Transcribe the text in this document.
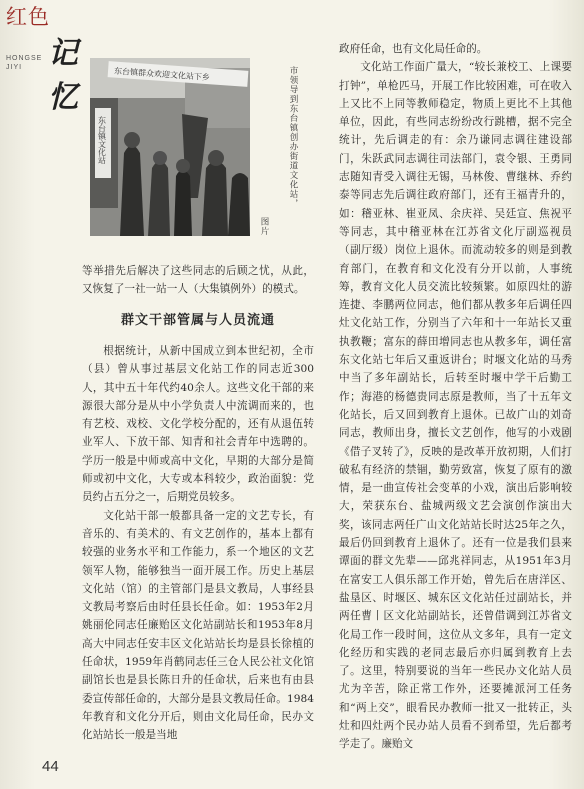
红色
记忆
HONGSE
JIYI	东台镇群众欢迎文化站下乡
东台镇文化站	市领导到东台镇创办街道文化站，
图片

等举措先后解决了这些同志的后顾之忧，从此，又恢复了一社一站一人（大集镇例外）的模式。

群文干部管属与人员流通

根据统计，从新中国成立到本世纪初，全市（县）曾从事过基层文化站工作的同志近300人，其中五十年代约40余人。这些文化干部的来源很大部分是从中小学负责人中流调而来的，也有艺校、戏校、文化学校分配的，还有从退伍转业军人、下放干部、知青和社会青年中选聘的。学历一般是中师或高中文化，早期的大部分是简师或初中文化，大专或本科较少，政治面貌：党员约占五分之一，后期党员较多。

文化站干部一般都具备一定的文艺专长，有音乐的、有美术的、有文艺创作的，基本上都有较强的业务水平和工作能力，系一个地区的文艺领军人物，能够独当一面开展工作。历史上基层文化站（馆）的主管部门是县文教局，人事经县文教局考察后由时任县长任命。如：1953年2月姚丽伦同志任廉贻区文化站副站长和1953年8月高大中同志任安丰区文化站站长均是县长徐植的任命状，1959年肖鹤同志任三仓人民公社文化馆副馆长也是县长陈日升的任命状，后来也有由县委宣传部任命的，大部分是县文教局任命。1984年教育和文化分开后，则由文化局任命，民办文化站站长一般是当地

政府任命，也有文化局任命的。

文化站工作面广量大，“较长兼校工、上课要打钟”，单枪匹马，开展工作比较困难，可在收入上又比不上同等教师稳定，物质上更比不上其他单位，因此，有些同志纷纷改行跳槽，据不完全统计，先后调走的有：余乃谦同志调往建设部门，朱跃武同志调往司法部门，袁令银、王勇同志随知青受入调往无锡，马林俊、曹继林、乔约泰等同志先后调往政府部门，还有王福青升的，如：稽亚林、崔亚凤、余庆祥、吴廷宣、焦祝平等同志，其中稽亚林在江苏省文化厅副巡视员（副厅级）岗位上退休。而流动较多的则是到教育部门，在教育和文化没有分开以前，人事统筹，教育文化人员交流比较频繁。如原四灶的游连捷、李鹏两位同志，他们都从教多年后调任四灶文化站工作，分别当了六年和十一年站长又重执教鞭；富东的薛田增同志也从教多年，调任富东文化站七年后又重返讲台；时堰文化站的马秀中当了多年副站长，后转至时堰中学干后勤工作；海港的杨德贵同志原是教师，当了十五年文化站长，后又回到教育上退休。已故广山的刘奇同志，教师出身，擅长文艺创作，他写的小戏剧《借子叉转了》，反映的是改革开放初期，人们打破私有经济的禁锢，勤劳致富，恢复了原有的激情，是一曲宣传社会变革的小戏，演出后影响较大，荣获东台、盐城两级文艺会演创作演出大奖，该同志两任广山文化站站长时达25年之久，最后仍回到教育上退休了。还有一位是我们县来谭面的群文先辈——邱兆祥同志，从1951年3月在富安工人俱乐部工作开始，曾先后在唐洋区、盐垦区、时堰区、城东区文化站任过副站长，并两任曹丨区文化站副站长，还曾借调到江苏省文化局工作一段时间，这位从文多年，具有一定文化经历和实践的老同志最后亦归属到教育上去了。这里，特别要说的当年一些民办文化站人员尤为辛苦，除正常工作外，还要摊派河工任务和“两上交”，眼看民办教师一批又一批转正，头灶和四灶两个民办站人员看不到希望，先后都考学走了。廉贻文

44
